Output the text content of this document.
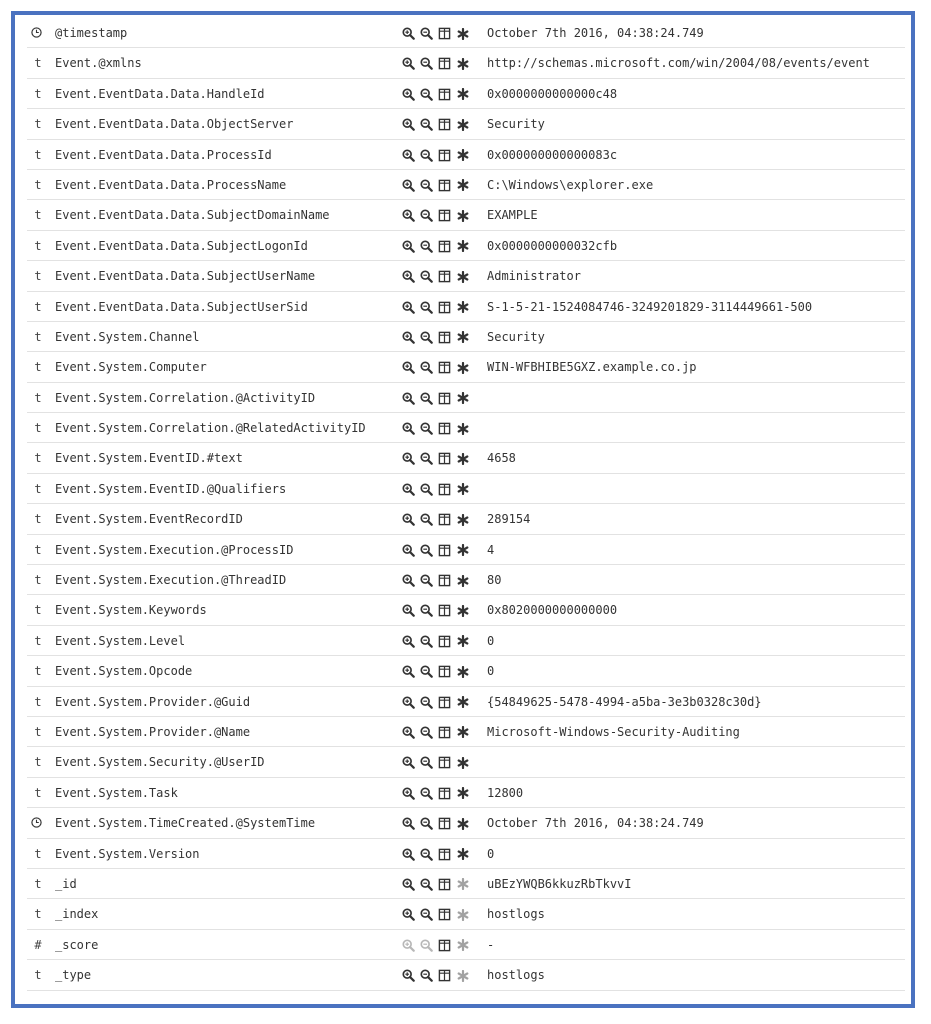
@timestamp	October 7th 2016, 04:38:24.749
t Event.@xmlns	http://schemas.microsoft.com/win/2004/08/events/event
t Event.EventData.Data.HandleId	0x0000000000000c48
t Event.EventData.Data.ObjectServer	Security
t Event.EventData.Data.ProcessId	0x000000000000083c
t Event.EventData.Data.ProcessName	C:\Windows\explorer.exe
t Event.EventData.Data.SubjectDomainName	EXAMPLE
t Event.EventData.Data.SubjectLogonId	0x0000000000032cfb
t Event.EventData.Data.SubjectUserName	Administrator
t Event.EventData.Data.SubjectUserSid	S-1-5-21-1524084746-3249201829-3114449661-500
t Event.System.Channel	Security
t Event.System.Computer	WIN-WFBHIBE5GXZ.example.co.jp
t Event.System.Correlation.@ActivityID
t Event.System.Correlation.@RelatedActivityID
t Event.System.EventID.#text	4658
t Event.System.EventID.@Qualifiers
t Event.System.EventRecordID	289154
t Event.System.Execution.@ProcessID	4
t Event.System.Execution.@ThreadID	80
t Event.System.Keywords	0x8020000000000000
t Event.System.Level	0
t Event.System.Opcode	0
t Event.System.Provider.@Guid	{54849625-5478-4994-a5ba-3e3b0328c30d}
t Event.System.Provider.@Name	Microsoft-Windows-Security-Auditing
t Event.System.Security.@UserID
t Event.System.Task	12800
Event.System.TimeCreated.@SystemTime	October 7th 2016, 04:38:24.749
t Event.System.Version	0
t _id	uBEzYWQB6kkuzRbTkvvI
t _index	hostlogs
# _score	-
t _type	hostlogs
